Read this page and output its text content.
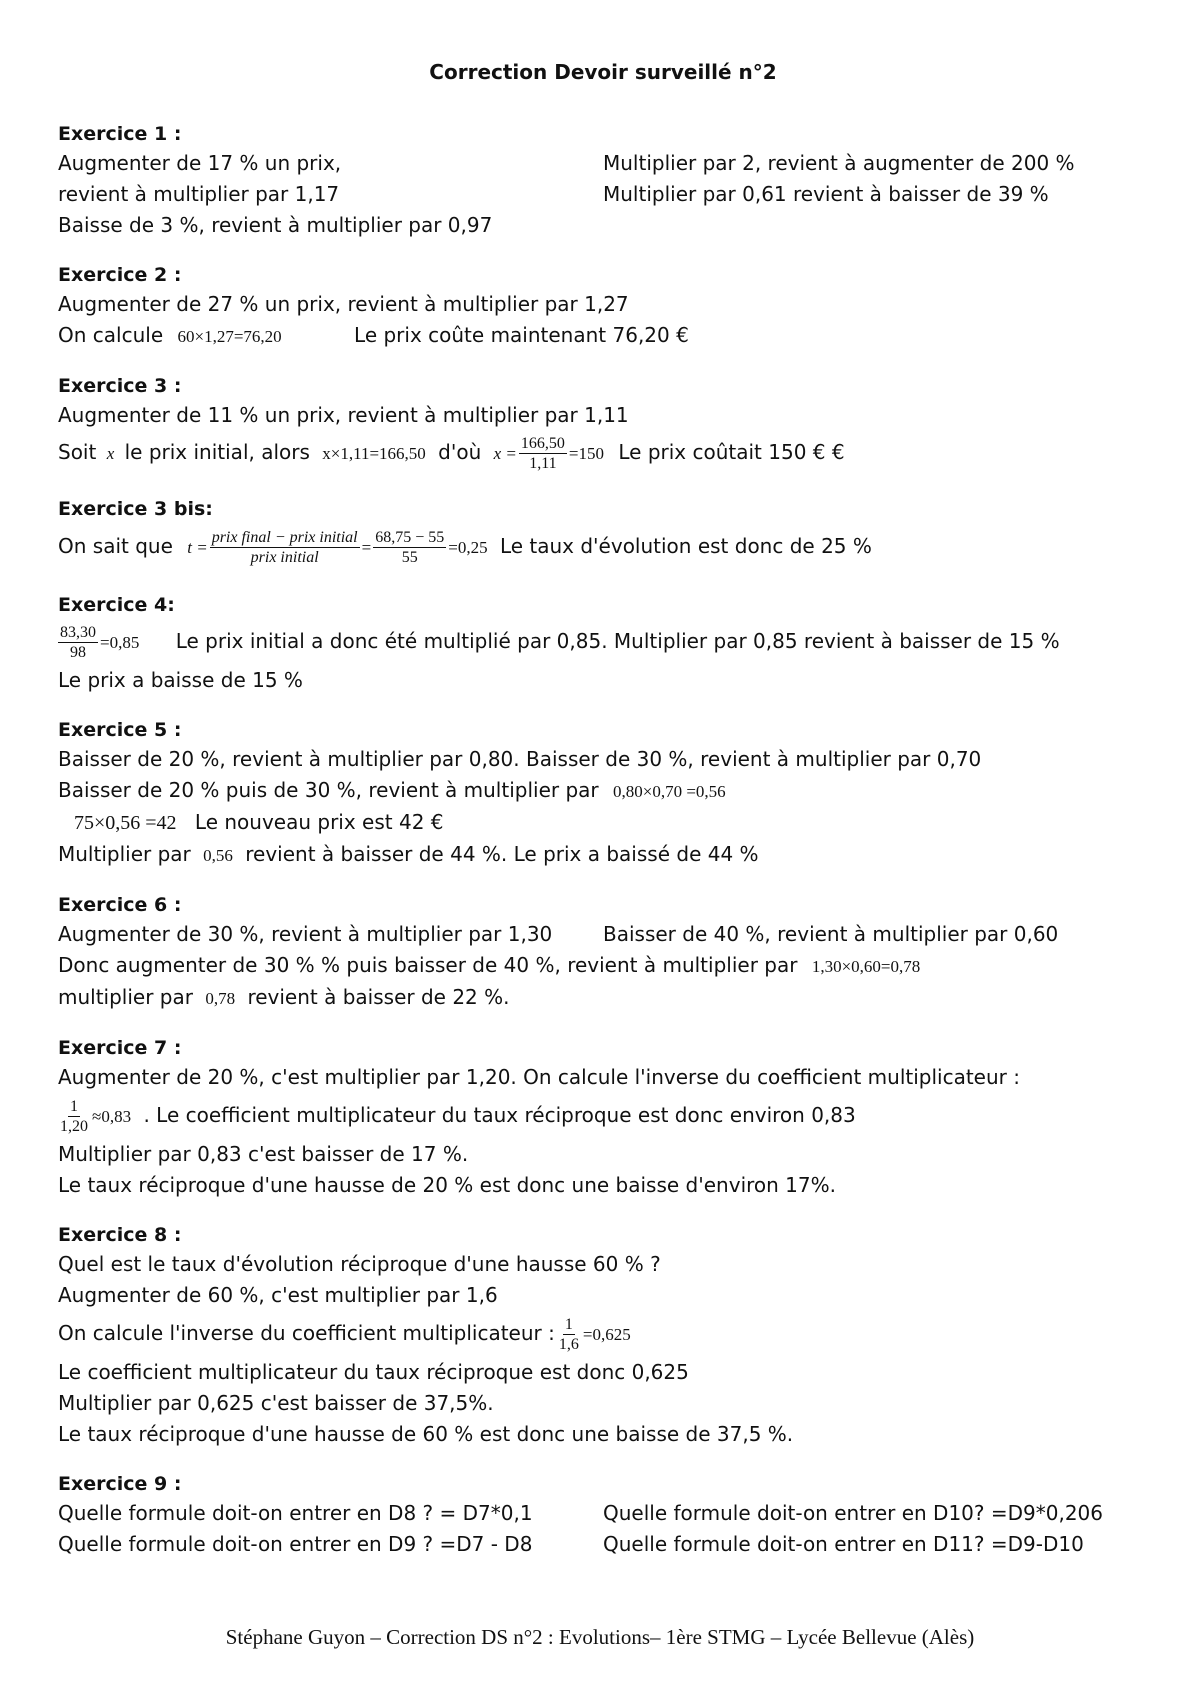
Correction Devoir surveillé n°2
Exercice 1 :
Augmenter de 17 % un prix,	Multiplier par 2, revient à augmenter de 200 %
revient à multiplier par 1,17	Multiplier par 0,61 revient à baisser de 39 %
Baisse de 3 %, revient à multiplier par 0,97
Exercice 2 :
Augmenter de 27 % un prix, revient à multiplier par 1,27
On calcule 60×1,27=76,20	Le prix coûte maintenant 76,20 €
Exercice 3 :
Augmenter de 11 % un prix, revient à multiplier par 1,11
Soit x le prix initial, alors x×1,11=166,50 d'où $x = \frac{166,50}{1,11} =150$ Le prix coûtait 150 € €
Exercice 3 bis:
On sait que $t = \frac{\text{prix final − prix initial}}{\text{prix initial}} = \frac{68,75 - 55}{55} =0,25$ Le taux d'évolution est donc de 25 %
Exercice 4:
$\frac{83,30}{98} =0,85$ Le prix initial a donc été multiplié par 0,85. Multiplier par 0,85 revient à baisser de 15 %
Le prix a baisse de 15 %
Exercice 5 :
Baisser de 20 %, revient à multiplier par 0,80. Baisser de 30 %, revient à multiplier par 0,70
Baisser de 20 % puis de 30 %, revient à multiplier par 0,80×0,70 =0,56
75×0,56 =42 Le nouveau prix est 42 €
Multiplier par 0,56 revient à baisser de 44 %. Le prix a baissé de 44 %
Exercice 6 :
Augmenter de 30 %, revient à multiplier par 1,30	Baisser de 40 %, revient à multiplier par 0,60
Donc augmenter de 30 % % puis baisser de 40 %, revient à multiplier par 1,30×0,60=0,78
multiplier par 0,78 revient à baisser de 22 %.
Exercice 7 :
Augmenter de 20 %, c'est multiplier par 1,20. On calcule l'inverse du coefficient multiplicateur :
$\frac{1}{1,20} \approx 0,83$ . Le coefficient multiplicateur du taux réciproque est donc environ 0,83
Multiplier par 0,83 c'est baisser de 17 %.
Le taux réciproque d'une hausse de 20 % est donc une baisse d'environ 17%.
Exercice 8 :
Quel est le taux d'évolution réciproque d'une hausse 60 % ?
Augmenter de 60 %, c'est multiplier par 1,6
On calcule l'inverse du coefficient multiplicateur : $\frac{1}{1,6} =0,625$
Le coefficient multiplicateur du taux réciproque est donc 0,625
Multiplier par 0,625 c'est baisser de 37,5%.
Le taux réciproque d'une hausse de 60 % est donc une baisse de 37,5 %.
Exercice 9 :
Quelle formule doit-on entrer en D8 ? = D7*0,1	Quelle formule doit-on entrer en D10? =D9*0,206
Quelle formule doit-on entrer en D9 ? =D7 - D8	Quelle formule doit-on entrer en D11? =D9-D10
Stéphane Guyon – Correction DS n°2 : Evolutions– 1ère STMG – Lycée Bellevue (Alès)
